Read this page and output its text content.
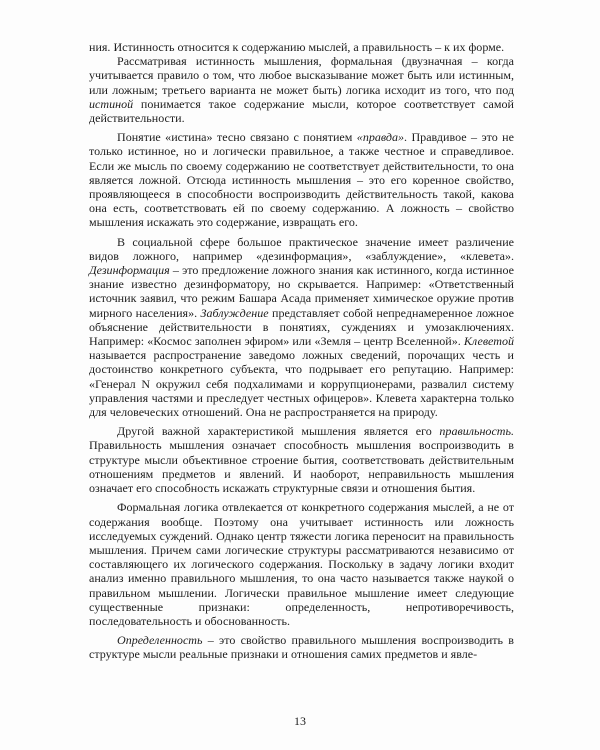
ния. Истинность относится к содержанию мыслей, а правильность – к их форме.

Рассматривая истинность мышления, формальная (двузначная – когда учитывается правило о том, что любое высказывание может быть или истинным, или ложным; третьего варианта не может быть) логика исходит из того, что под истиной понимается такое содержание мысли, которое соответствует самой действительности.

Понятие «истина» тесно связано с понятием «правда». Правдивое – это не только истинное, но и логически правильное, а также честное и справедливое. Если же мысль по своему содержанию не соответствует действительности, то она является ложной. Отсюда истинность мышления – это его коренное свойство, проявляющееся в способности воспроизводить действительность такой, какова она есть, соответствовать ей по своему содержанию. А ложность – свойство мышления искажать это содержание, извращать его.

В социальной сфере большое практическое значение имеет различение видов ложного, например «дезинформация», «заблуждение», «клевета». Дезинформация – это предложение ложного знания как истинного, когда истинное знание известно дезинформатору, но скрывается. Например: «Ответственный источник заявил, что режим Башара Асада применяет химическое оружие против мирного населения». Заблуждение представляет собой непреднамеренное ложное объяснение действительности в понятиях, суждениях и умозаключениях. Например: «Космос заполнен эфиром» или «Земля – центр Вселенной». Клеветой называется распространение заведомо ложных сведений, порочащих честь и достоинство конкретного субъекта, что подрывает его репутацию. Например: «Генерал N окружил себя подхалимами и коррупционерами, развалил систему управления частями и преследует честных офицеров». Клевета характерна только для человеческих отношений. Она не распространяется на природу.

Другой важной характеристикой мышления является его правильность. Правильность мышления означает способность мышления воспроизводить в структуре мысли объективное строение бытия, соответствовать действительным отношениям предметов и явлений. И наоборот, неправильность мышления означает его способность искажать структурные связи и отношения бытия.

Формальная логика отвлекается от конкретного содержания мыслей, а не от содержания вообще. Поэтому она учитывает истинность или ложность исследуемых суждений. Однако центр тяжести логика переносит на правильность мышления. Причем сами логические структуры рассматриваются независимо от составляющего их логического содержания. Поскольку в задачу логики входит анализ именно правильного мышления, то она часто называется также наукой о правильном мышлении. Логически правильное мышление имеет следующие существенные признаки: определенность, непротиворечивость, последовательность и обоснованность.

Определенность – это свойство правильного мышления воспроизводить в структуре мысли реальные признаки и отношения самих предметов и явле-

13
